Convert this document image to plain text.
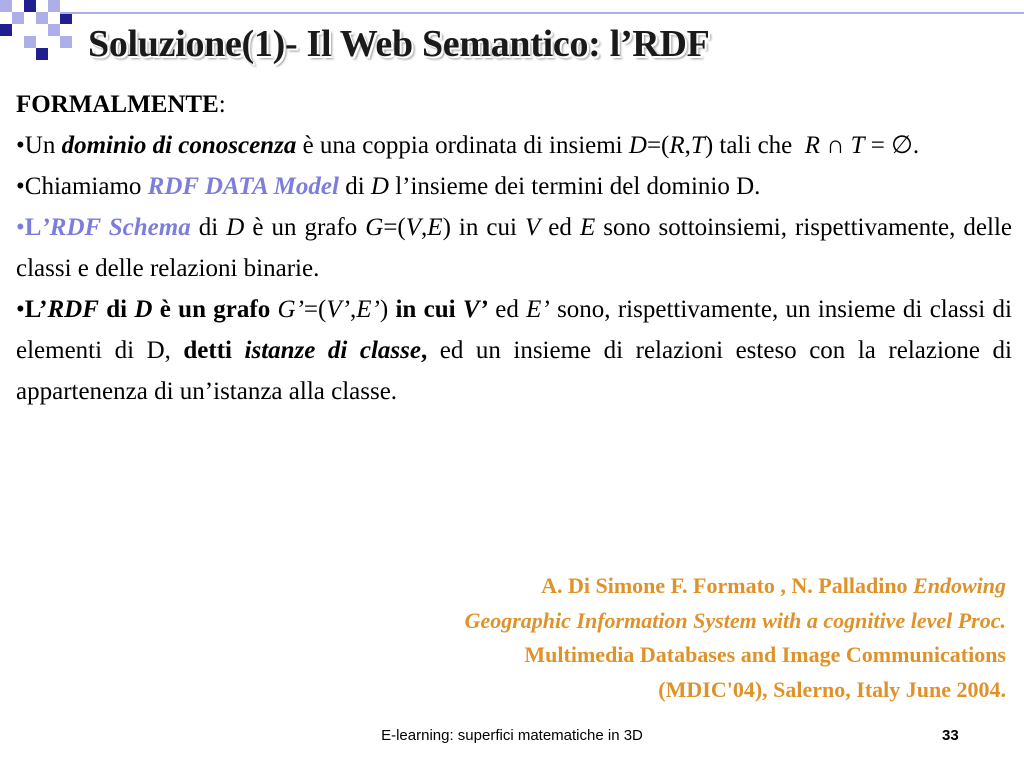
Soluzione(1)- Il Web Semantico: l’RDF

FORMALMENTE:

•Un dominio di conoscenza è una coppia ordinata di insiemi D=(R,T) tali che R ∩ T = ∅.

•Chiamiamo RDF DATA Model di D l’insieme dei termini del dominio D.

•L’RDF Schema di D è un grafo G=(V,E) in cui V ed E sono sottoinsiemi, rispettivamente, delle classi e delle relazioni binarie.

•L’RDF di D è un grafo G’=(V’,E’) in cui V’ ed E’ sono, rispettivamente, un insieme di classi di elementi di D, detti istanze di classe, ed un insieme di relazioni esteso con la relazione di appartenenza di un’istanza alla classe.

A. Di Simone F. Formato , N. Palladino Endowing
Geographic Information System with a cognitive level Proc.
Multimedia Databases and Image Communications
(MDIC'04), Salerno, Italy June 2004.
E-learning: superfici matematiche in 3D	33
